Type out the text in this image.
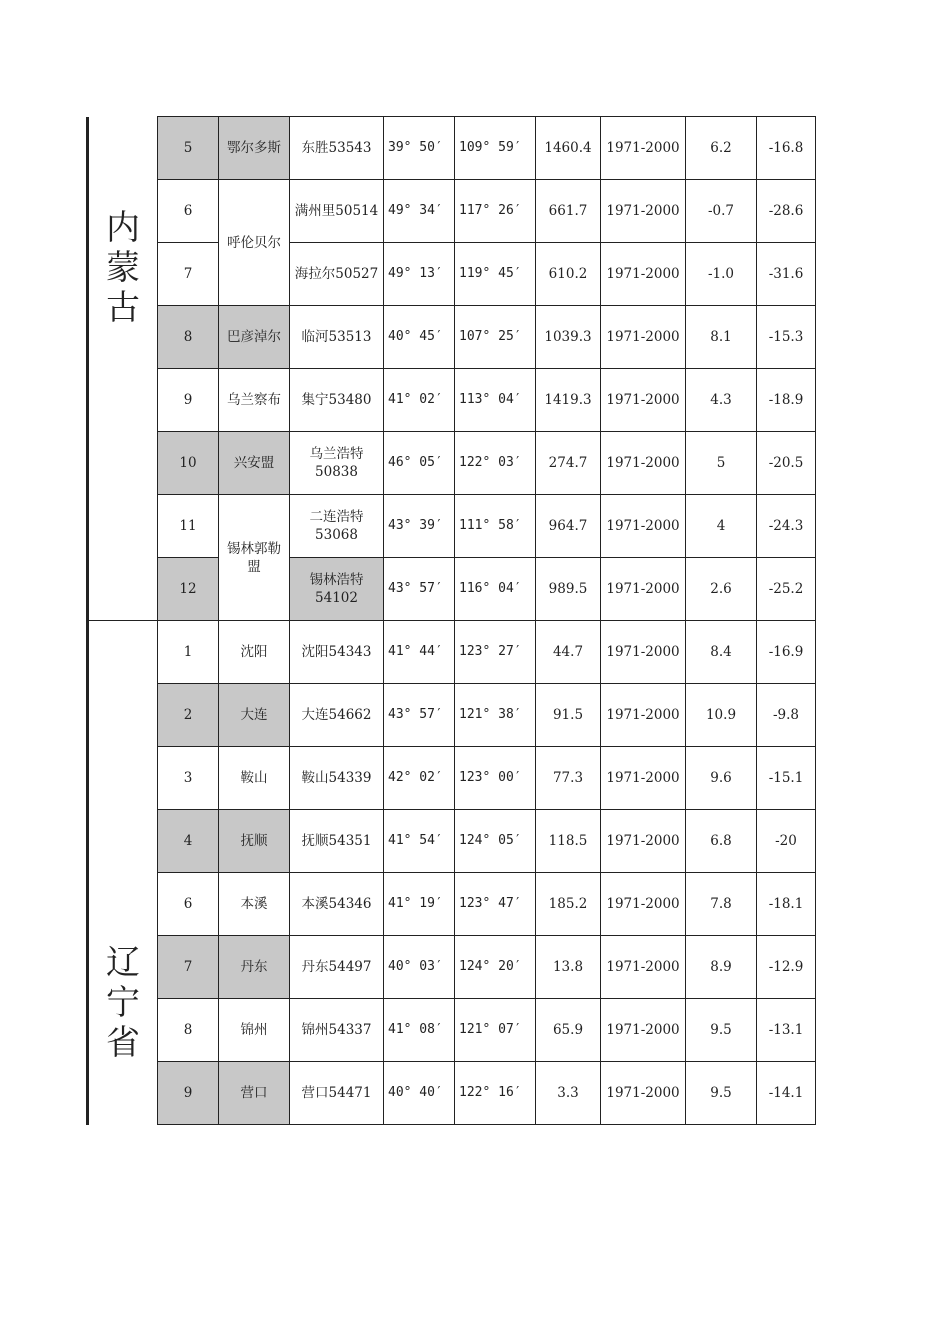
内
蒙
古	5	鄂尔多斯	东胜53543	39° 50′	109° 59′	1460.4	1971-2000	6.2	-16.8
	6	呼伦贝尔	满州里50514	49° 34′	117° 26′	661.7	1971-2000	-0.7	-28.6
	7		海拉尔50527	49° 13′	119° 45′	610.2	1971-2000	-1.0	-31.6
	8	巴彦淖尔	临河53513	40° 45′	107° 25′	1039.3	1971-2000	8.1	-15.3
	9	乌兰察布	集宁53480	41° 02′	113° 04′	1419.3	1971-2000	4.3	-18.9
	10	兴安盟	乌兰浩特50838	46° 05′	122° 03′	274.7	1971-2000	5	-20.5
	11	锡林郭勒盟	二连浩特53068	43° 39′	111° 58′	964.7	1971-2000	4	-24.3
	12		锡林浩特54102	43° 57′	116° 04′	989.5	1971-2000	2.6	-25.2

辽
宁
省	1	沈阳	沈阳54343	41° 44′	123° 27′	44.7	1971-2000	8.4	-16.9
	2	大连	大连54662	43° 57′	121° 38′	91.5	1971-2000	10.9	-9.8
	3	鞍山	鞍山54339	42° 02′	123° 00′	77.3	1971-2000	9.6	-15.1
	4	抚顺	抚顺54351	41° 54′	124° 05′	118.5	1971-2000	6.8	-20
	6	本溪	本溪54346	41° 19′	123° 47′	185.2	1971-2000	7.8	-18.1
	7	丹东	丹东54497	40° 03′	124° 20′	13.8	1971-2000	8.9	-12.9
	8	锦州	锦州54337	41° 08′	121° 07′	65.9	1971-2000	9.5	-13.1
	9	营口	营口54471	40° 40′	122° 16′	3.3	1971-2000	9.5	-14.1
